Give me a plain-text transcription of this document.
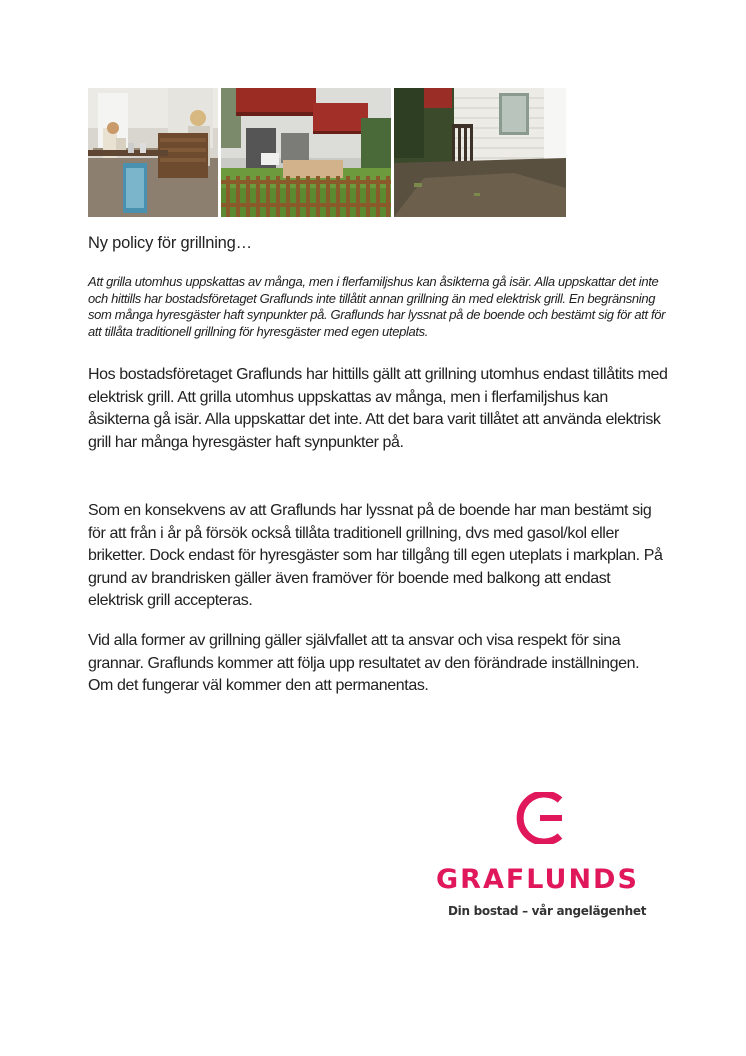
Ny policy för grillning…

Att grilla utomhus uppskattas av många, men i flerfamiljshus kan åsikterna gå isär. Alla uppskattar det inte och hittills har bostadsföretaget Graflunds inte tillåtit annan grillning än med elektrisk grill. En begränsning som många hyresgäster haft synpunkter på. Graflunds har lyssnat på de boende och bestämt sig för att för att tillåta traditionell grillning för hyresgäster med egen uteplats.

Hos bostadsföretaget Graflunds har hittills gällt att grillning utomhus endast tillåtits med elektrisk grill. Att grilla utomhus uppskattas av många, men i flerfamiljshus kan åsikterna gå isär. Alla uppskattar det inte. Att det bara varit tillåtet att använda elektrisk grill har många hyresgäster haft synpunkter på.

Som en konsekvens av att Graflunds har lyssnat på de boende har man bestämt sig för att från i år på försök också tillåta traditionell grillning, dvs med gasol/kol eller briketter. Dock endast för hyresgäster som har tillgång till egen uteplats i markplan. På grund av brandrisken gäller även framöver för boende med balkong att endast elektrisk grill accepteras.

Vid alla former av grillning gäller självfallet att ta ansvar och visa respekt för sina grannar. Graflunds kommer att följa upp resultatet av den förändrade inställningen. Om det fungerar väl kommer den att permanentas.

GRAFLUNDS
Din bostad – vår angelägenhet
